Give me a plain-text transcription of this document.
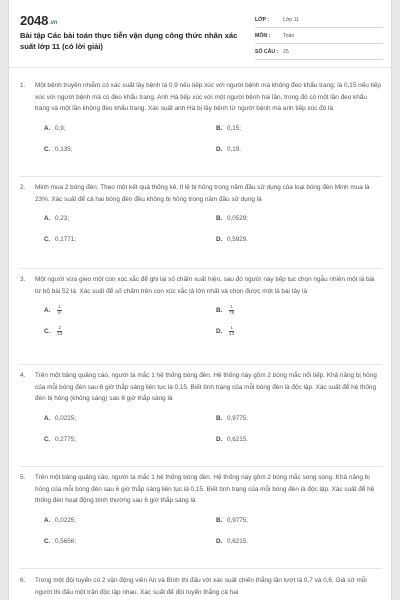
2048.vn
Bài tập Các bài toán thực tiễn vận dụng công thức nhân xác suất lớp 11 (có lời giải)
LỚP :	Lớp 11
MÔN :	Toán
SỐ CÂU : 25
1.	Một bệnh truyền nhiễm có xác suất lây bệnh là 0,9 nếu tiếp xúc với người bệnh mà không đeo khẩu trang; là 0,15 nếu tiếp xúc với người bệnh mà có đeo khẩu trang. Anh Hà tiếp xúc với một người bệnh hai lần, trong đó có một lần đeo khẩu trang và một lần không đeo khẩu trang. Xác suất anh Hà bị lây bệnh từ người bệnh mà anh tiếp xúc đó là
A. 0,9;	B. 0,15;
C. 0,135;	D. 0,19.
2.	Minh mua 2 bóng đèn. Theo một kết quả thống kê, tỉ lệ bị hỏng trong năm đầu sử dụng của loại bóng đèn Minh mua là 23%. Xác suất để cả hai bóng đèn đều không bị hỏng trong năm đầu sử dụng là
A. 0,23;	B. 0,0529;
C. 0,1771;	D. 0,5929.
3.	Một người vừa gieo một con xúc xắc để ghi lại số chấm xuất hiện, sau đó người này tiếp tục chọn ngẫu nhiên một lá bài từ bộ bài 52 lá. Xác suất để số chấm trên con xúc xắc là lớn nhất và chọn được một lá bài tây là
A.	$\frac{1}{6}$	B.	$\frac{1}{78}$
C.	$\frac{2}{13}$	D.	$\frac{1}{13}$
4.	Trên một bảng quảng cáo, người ta mắc 1 hệ thống bóng đèn. Hệ thống này gồm 2 bóng mắc nối tiếp. Khả năng bị hỏng của mỗi bóng đèn sau 6 giờ thắp sáng liên tục là 0,15. Biết tình trạng của mỗi bóng đèn là độc lập. Xác suất để hệ thống đèn bị hỏng (không sáng) sau 6 giờ thắp sáng là
A. 0,0225;	B. 0,9775;
C. 0,2775;	D. 0,6215.
5.	Trên một bảng quảng cáo, người ta mắc 1 hệ thống bóng đèn. Hệ thống này gồm 2 bóng mắc song song. Khả năng bị hỏng của mỗi bóng đèn sau 6 giờ thắp sáng liên tục là 0,15. Biết tình trạng của mỗi bóng đèn là độc lập. Xác suất để hệ thống đèn hoạt động bình thường sau 6 giờ thắp sáng là
A. 0,0225;	B. 0,9775;
C. 0,5656;	D. 0,6215.
6.	Trong một đội tuyển có 2 vận động viên An và Bình thi đấu với xác suất chiến thắng lần lượt là 0,7 và 0,6. Giả sử mỗi người thi đấu một trận độc lập nhau. Xác suất để đội tuyển thắng cả hai
